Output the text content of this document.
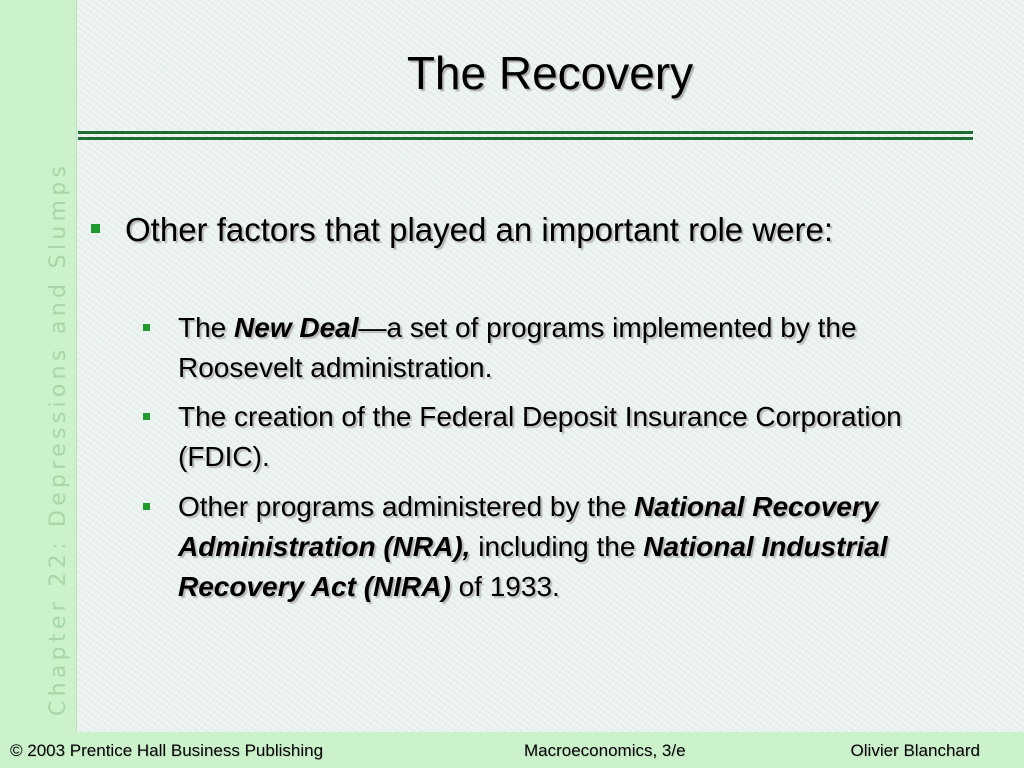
Chapter 22: Depressions and Slumps
The Recovery
Other factors that played an important role were:
The New Deal—a set of programs implemented by the Roosevelt administration.
The creation of the Federal Deposit Insurance Corporation (FDIC).
Other programs administered by the National Recovery Administration (NRA), including the National Industrial Recovery Act (NIRA) of 1933.
© 2003 Prentice Hall Business Publishing	Macroeconomics, 3/e	Olivier Blanchard
